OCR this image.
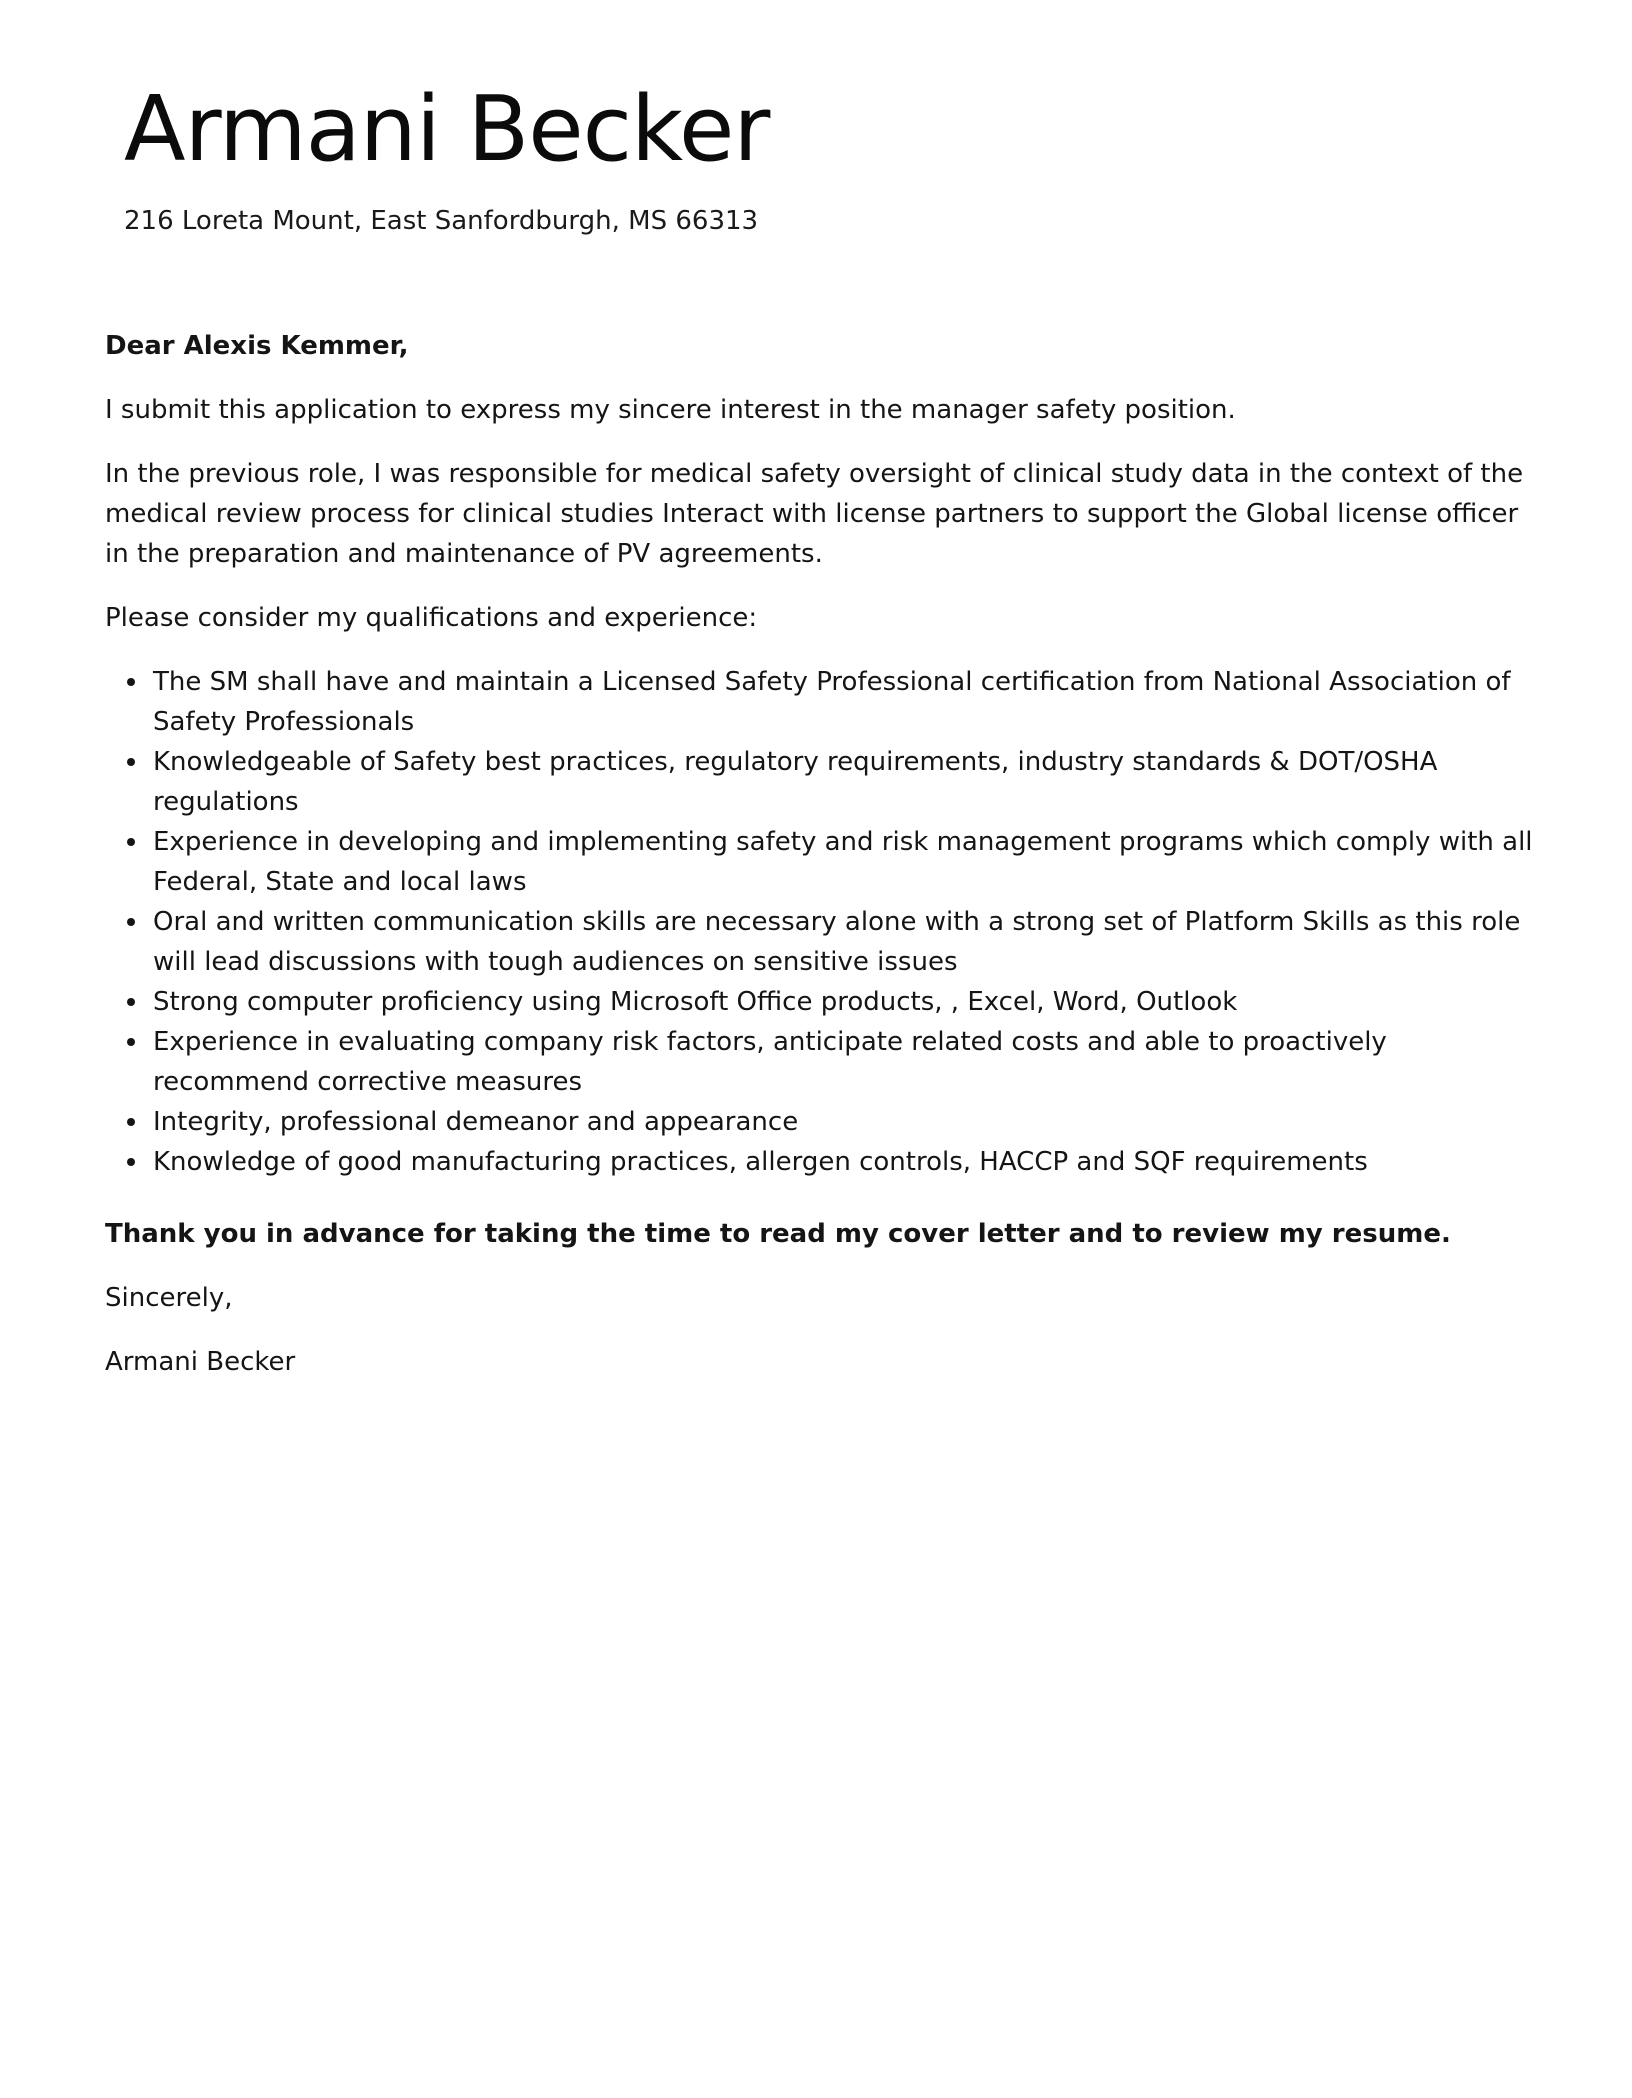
Armani Becker

216 Loreta Mount, East Sanfordburgh, MS 66313

Dear Alexis Kemmer,

I submit this application to express my sincere interest in the manager safety position.

In the previous role, I was responsible for medical safety oversight of clinical study data in the context of the medical review process for clinical studies Interact with license partners to support the Global license officer in the preparation and maintenance of PV agreements.

Please consider my qualifications and experience:

The SM shall have and maintain a Licensed Safety Professional certification from National Association of Safety Professionals
Knowledgeable of Safety best practices, regulatory requirements, industry standards & DOT/OSHA regulations
Experience in developing and implementing safety and risk management programs which comply with all Federal, State and local laws
Oral and written communication skills are necessary alone with a strong set of Platform Skills as this role will lead discussions with tough audiences on sensitive issues
Strong computer proficiency using Microsoft Office products, , Excel, Word, Outlook
Experience in evaluating company risk factors, anticipate related costs and able to proactively recommend corrective measures
Integrity, professional demeanor and appearance
Knowledge of good manufacturing practices, allergen controls, HACCP and SQF requirements

Thank you in advance for taking the time to read my cover letter and to review my resume.

Sincerely,

Armani Becker
